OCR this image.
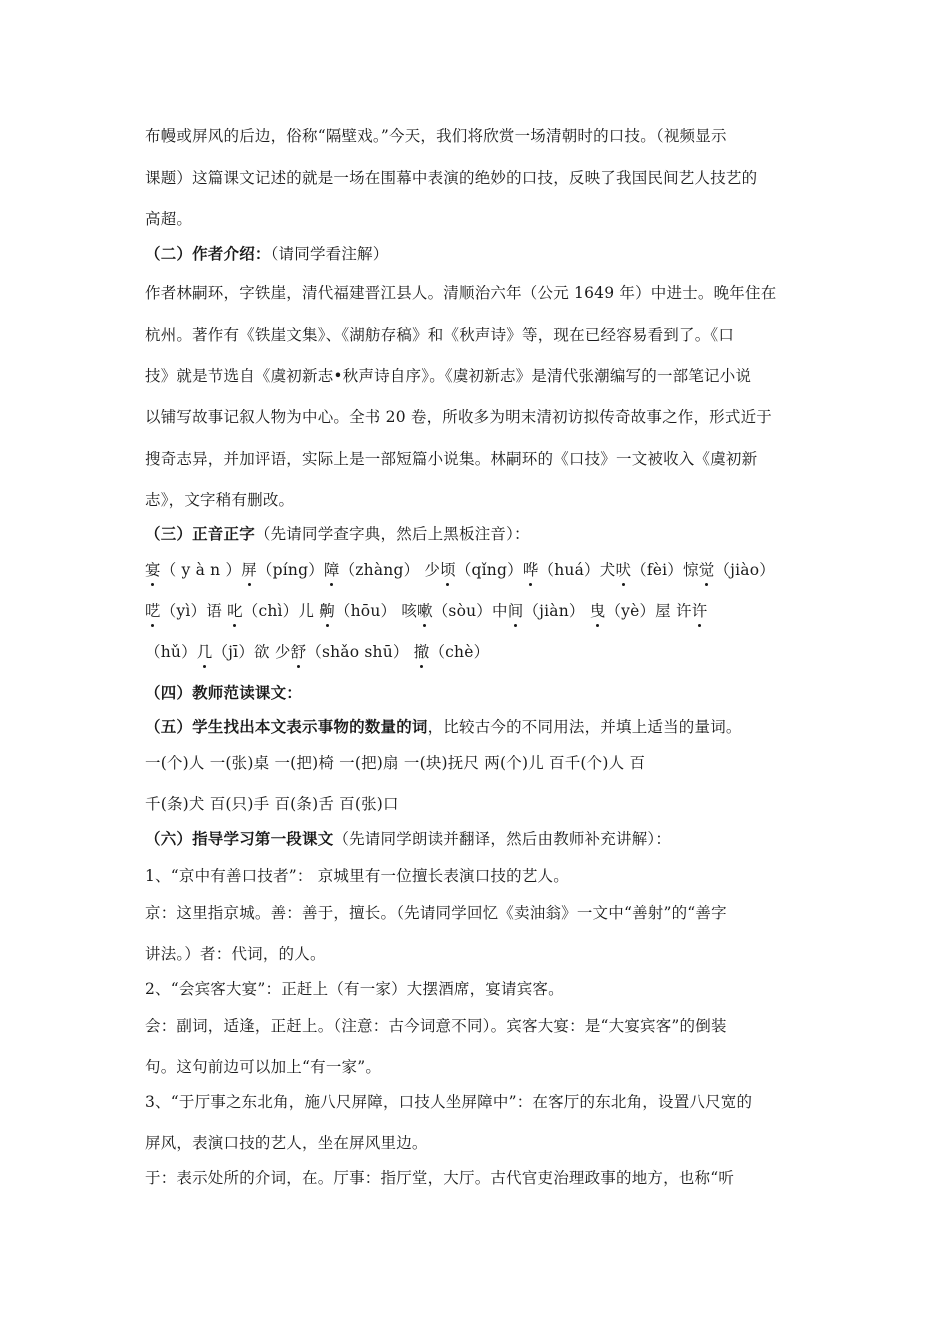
布幔或屏风的后边，俗称“隔壁戏。”今天，我们将欣赏一场清朝时的口技。（视频显示
课题）这篇课文记述的就是一场在围幕中表演的绝妙的口技，反映了我国民间艺人技艺的
高超。
（二）作者介绍：（请同学看注解）
作者林嗣环，字铁崖，清代福建晋江县人。清顺治六年（公元 1649 年）中进士。晚年住在
杭州。著作有《铁崖文集》、《湖舫存稿》和《秋声诗》等，现在已经容易看到了。《口
技》就是节选自《虞初新志•秋声诗自序》。《虞初新志》是清代张潮编写的一部笔记小说
以铺写故事记叙人物为中心。全书 20 卷，所收多为明末清初访拟传奇故事之作，形式近于
搜奇志异，并加评语，实际上是一部短篇小说集。林嗣环的《口技》一文被收入《虞初新
志》，文字稍有删改。
（三）正音正字（先请同学查字典，然后上黑板注音）：
宴（ y à n ）屏（píng）障（zhàng） 少顷（qǐng）哗（huá）犬吠（fèi）惊觉（jiào）
呓（yì）语 叱（chì）儿 齁（hōu） 咳嗽（sòu）中间（jiàn） 曳（yè）屋 许许
（hǔ）几（jī）欲 少舒（shǎo shū） 撤（chè）
（四）教师范读课文：
（五）学生找出本文表示事物的数量的词，比较古今的不同用法，并填上适当的量词。
一(个)人 一(张)桌 一(把)椅 一(把)扇 一(块)抚尺 两(个)儿 百千(个)人 百
千(条)犬 百(只)手 百(条)舌 百(张)口
（六）指导学习第一段课文（先请同学朗读并翻译，然后由教师补充讲解）：
1、“京中有善口技者”： 京城里有一位擅长表演口技的艺人。
京：这里指京城。善：善于，擅长。（先请同学回忆《卖油翁》一文中“善射”的“善字
讲法。）者：代词，的人。
2、“会宾客大宴”：正赶上（有一家）大摆酒席，宴请宾客。
会：副词，适逢，正赶上。（注意：古今词意不同）。宾客大宴：是“大宴宾客”的倒装
句。这句前边可以加上“有一家”。
3、“于厅事之东北角，施八尺屏障，口技人坐屏障中”：在客厅的东北角，设置八尺宽的
屏风，表演口技的艺人，坐在屏风里边。
于：表示处所的介词，在。厅事：指厅堂，大厅。古代官吏治理政事的地方，也称“听
